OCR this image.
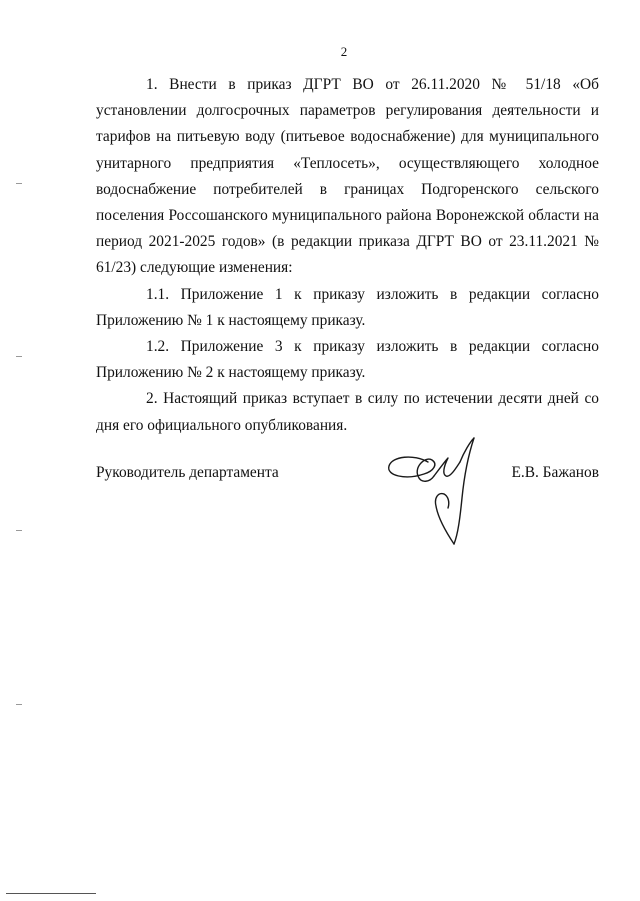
2

1. Внести в приказ ДГРТ ВО от 26.11.2020 № 51/18 «Об установлении долгосрочных параметров регулирования деятельности и тарифов на питьевую воду (питьевое водоснабжение) для муниципального унитарного предприятия «Теплосеть», осуществляющего холодное водоснабжение потребителей в границах Подгоренского сельского поселения Россошанского муниципального района Воронежской области на период 2021-2025 годов» (в редакции приказа ДГРТ ВО от 23.11.2021 № 61/23) следующие изменения:

1.1. Приложение 1 к приказу изложить в редакции согласно Приложению № 1 к настоящему приказу.

1.2. Приложение 3 к приказу изложить в редакции согласно Приложению № 2 к настоящему приказу.

2. Настоящий приказ вступает в силу по истечении десяти дней со дня его официального опубликования.

Руководитель департамента	Е.В. Бажанов
